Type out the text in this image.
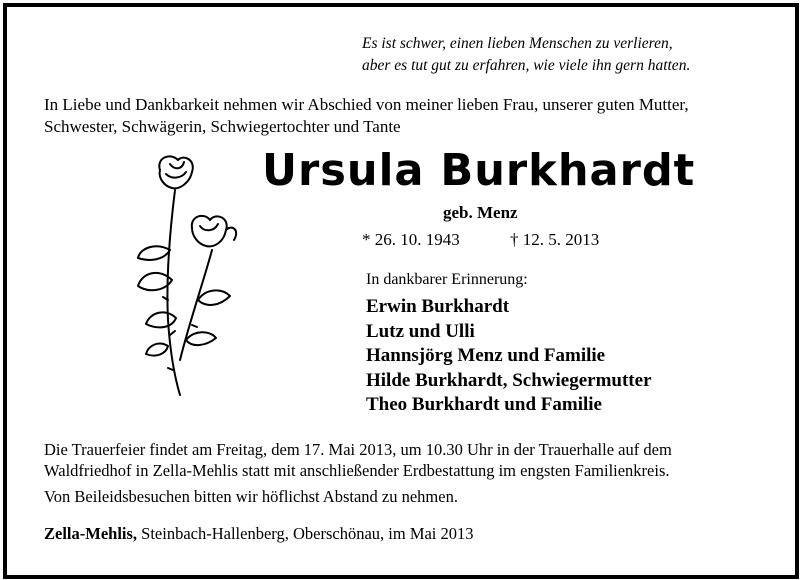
Es ist schwer, einen lieben Menschen zu verlieren,
aber es tut gut zu erfahren, wie viele ihn gern hatten.
In Liebe und Dankbarkeit nehmen wir Abschied von meiner lieben Frau, unserer guten Mutter,
Schwester, Schwägerin, Schwiegertochter und Tante
Ursula Burkhardt
geb. Menz
* 26. 10. 1943	† 12. 5. 2013
In dankbarer Erinnerung:
Erwin Burkhardt
Lutz und Ulli
Hannsjörg Menz und Familie
Hilde Burkhardt, Schwiegermutter
Theo Burkhardt und Familie
Die Trauerfeier findet am Freitag, dem 17. Mai 2013, um 10.30 Uhr in der Trauerhalle auf dem
Waldfriedhof in Zella-Mehlis statt mit anschließender Erdbestattung im engsten Familienkreis.
Von Beileidsbesuchen bitten wir höflichst Abstand zu nehmen.
Zella-Mehlis, Steinbach-Hallenberg, Oberschönau, im Mai 2013
